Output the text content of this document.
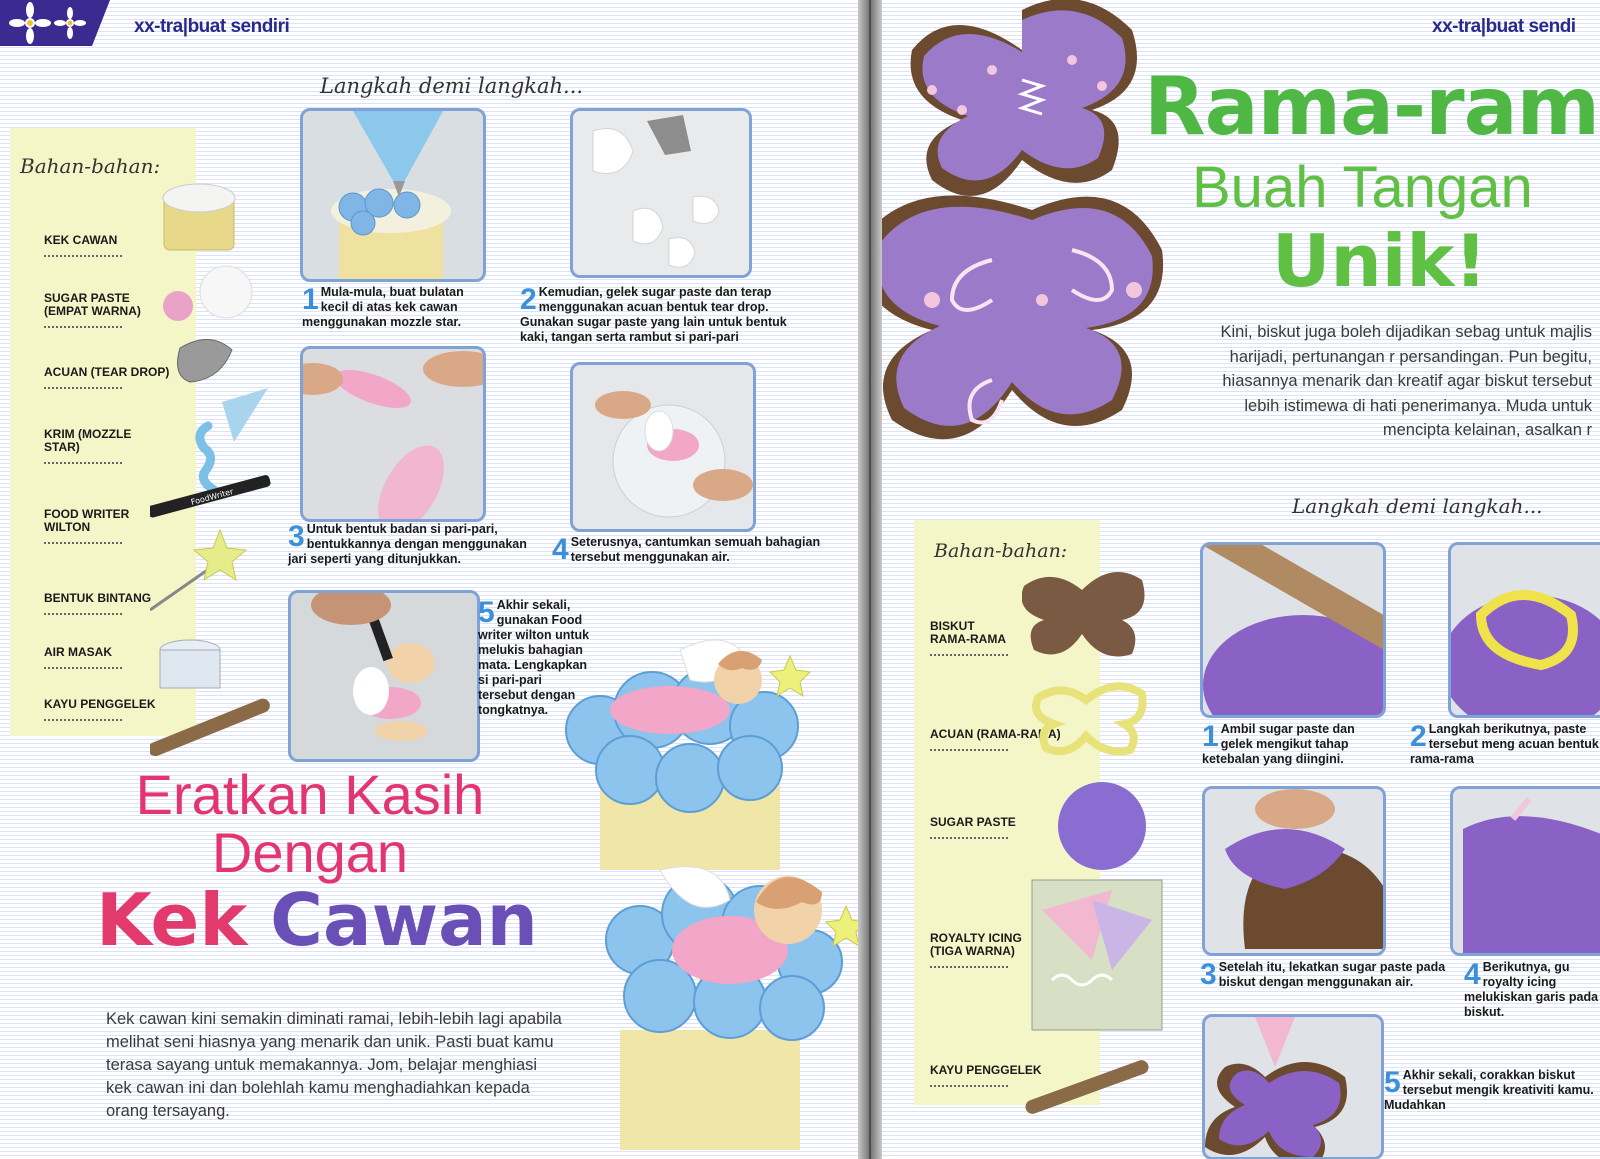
xx-tra|buat sendiri
Langkah demi langkah...
Bahan-bahan:
KEK CAWAN
SUGAR PASTE (EMPAT WARNA)
ACUAN (TEAR DROP)
KRIM (MOZZLE STAR)
FOOD WRITER WILTON
BENTUK BINTANG
AIR MASAK
KAYU PENGGELEK
FoodWriter
1 Mula-mula, buat bulatan kecil di atas kek cawan menggunakan mozzle star.
2 Kemudian, gelek sugar paste dan terap menggunakan acuan bentuk tear drop. Gunakan sugar paste yang lain untuk bentuk kaki, tangan serta rambut si pari-pari
3 Untuk bentuk badan si pari-pari, bentukkannya dengan menggunakan jari seperti yang ditunjukkan.	4 Seterusnya, cantumkan semuah bahagian tersebut menggunakan air.
5 Akhir sekali, gunakan Food writer wilton untuk melukis bahagian mata. Lengkapkan si pari-pari tersebut dengan tongkatnya.
Eratkan Kasih
Dengan
Kek Cawan
Kek cawan kini semakin diminati ramai, lebih-lebih lagi apabila melihat seni hiasnya yang menarik dan unik. Pasti buat kamu terasa sayang untuk memakannya. Jom, belajar menghiasi kek cawan ini dan bolehlah kamu menghadiahkan kepada orang tersayang.
xx-tra|buat sendi
Rama-ram
Buah Tangan
Unik!
Kini, biskut juga boleh dijadikan sebag untuk majlis harijadi, pertunangan r persandingan. Pun begitu, hiasannya menarik dan kreatif agar biskut tersebut lebih istimewa di hati penerimanya. Muda untuk mencipta kelainan, asalkan r
Langkah demi langkah...
Bahan-bahan:
BISKUT RAMA-RAMA
ACUAN (RAMA-RAMA)
SUGAR PASTE
ROYALTY ICING (TIGA WARNA)
KAYU PENGGELEK
1 Ambil sugar paste dan gelek mengikut tahap ketebalan yang diingini.
2 Langkah berikutnya, paste tersebut meng acuan bentuk rama-rama
3 Setelah itu, lekatkan sugar paste pada biskut dengan menggunakan air.	4 Berikutnya, gu royalty icing melukiskan garis pada biskut.
5 Akhir sekali, corakkan biskut tersebut mengik kreativiti kamu. Mudahkan
